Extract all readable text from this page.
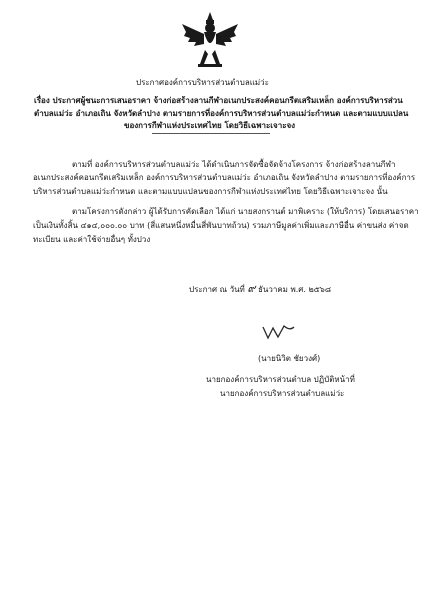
ประกาศองค์การบริหารส่วนตำบลแม่ว่ะ
เรื่อง ประกาศผู้ชนะการเสนอราคา จ้างก่อสร้างลานกีฬาอเนกประสงค์คอนกรีตเสริมเหล็ก องค์การบริหารส่วน
ตำบลแม่ว่ะ อำเภอเถิน จังหวัดลำปาง ตามรายการที่องค์การบริหารส่วนตำบลแม่ว่ะกำหนด และตามแบบแปลน
ของการกีฬาแห่งประเทศไทย โดยวิธีเฉพาะเจาะจง
ตามที่ องค์การบริหารส่วนตำบลแม่ว่ะ ได้ดำเนินการจัดซื้อจัดจ้างโครงการ จ้างก่อสร้างลานกีฬา
อเนกประสงค์คอนกรีตเสริมเหล็ก องค์การบริหารส่วนตำบลแม่ว่ะ อำเภอเถิน จังหวัดลำปาง ตามรายการที่องค์การ
บริหารส่วนตำบลแม่ว่ะกำหนด และตามแบบแปลนของการกีฬาแห่งประเทศไทย โดยวิธีเฉพาะเจาะจง นั้น
ตามโครงการดังกล่าว ผู้ได้รับการคัดเลือก ได้แก่ นายสงกรานต์ มาพิเคราะ (ให้บริการ) โดยเสนอราคา
เป็นเงินทั้งสิ้น ๔๑๔,๐๐๐.๐๐ บาท (สี่แสนหนึ่งหมื่นสี่พันบาทถ้วน) รวมภาษีมูลค่าเพิ่มและภาษีอื่น ค่าขนส่ง ค่าจด
ทะเบียน และค่าใช้จ่ายอื่นๆ ทั้งปวง
ประกาศ ณ วันที่ ๙ ธันวาคม พ.ศ. ๒๕๖๘
(นายนิวิต ชัยวงศ์)
นายกองค์การบริหารส่วนตำบล ปฏิบัติหน้าที่
นายกองค์การบริหารส่วนตำบลแม่ว่ะ
